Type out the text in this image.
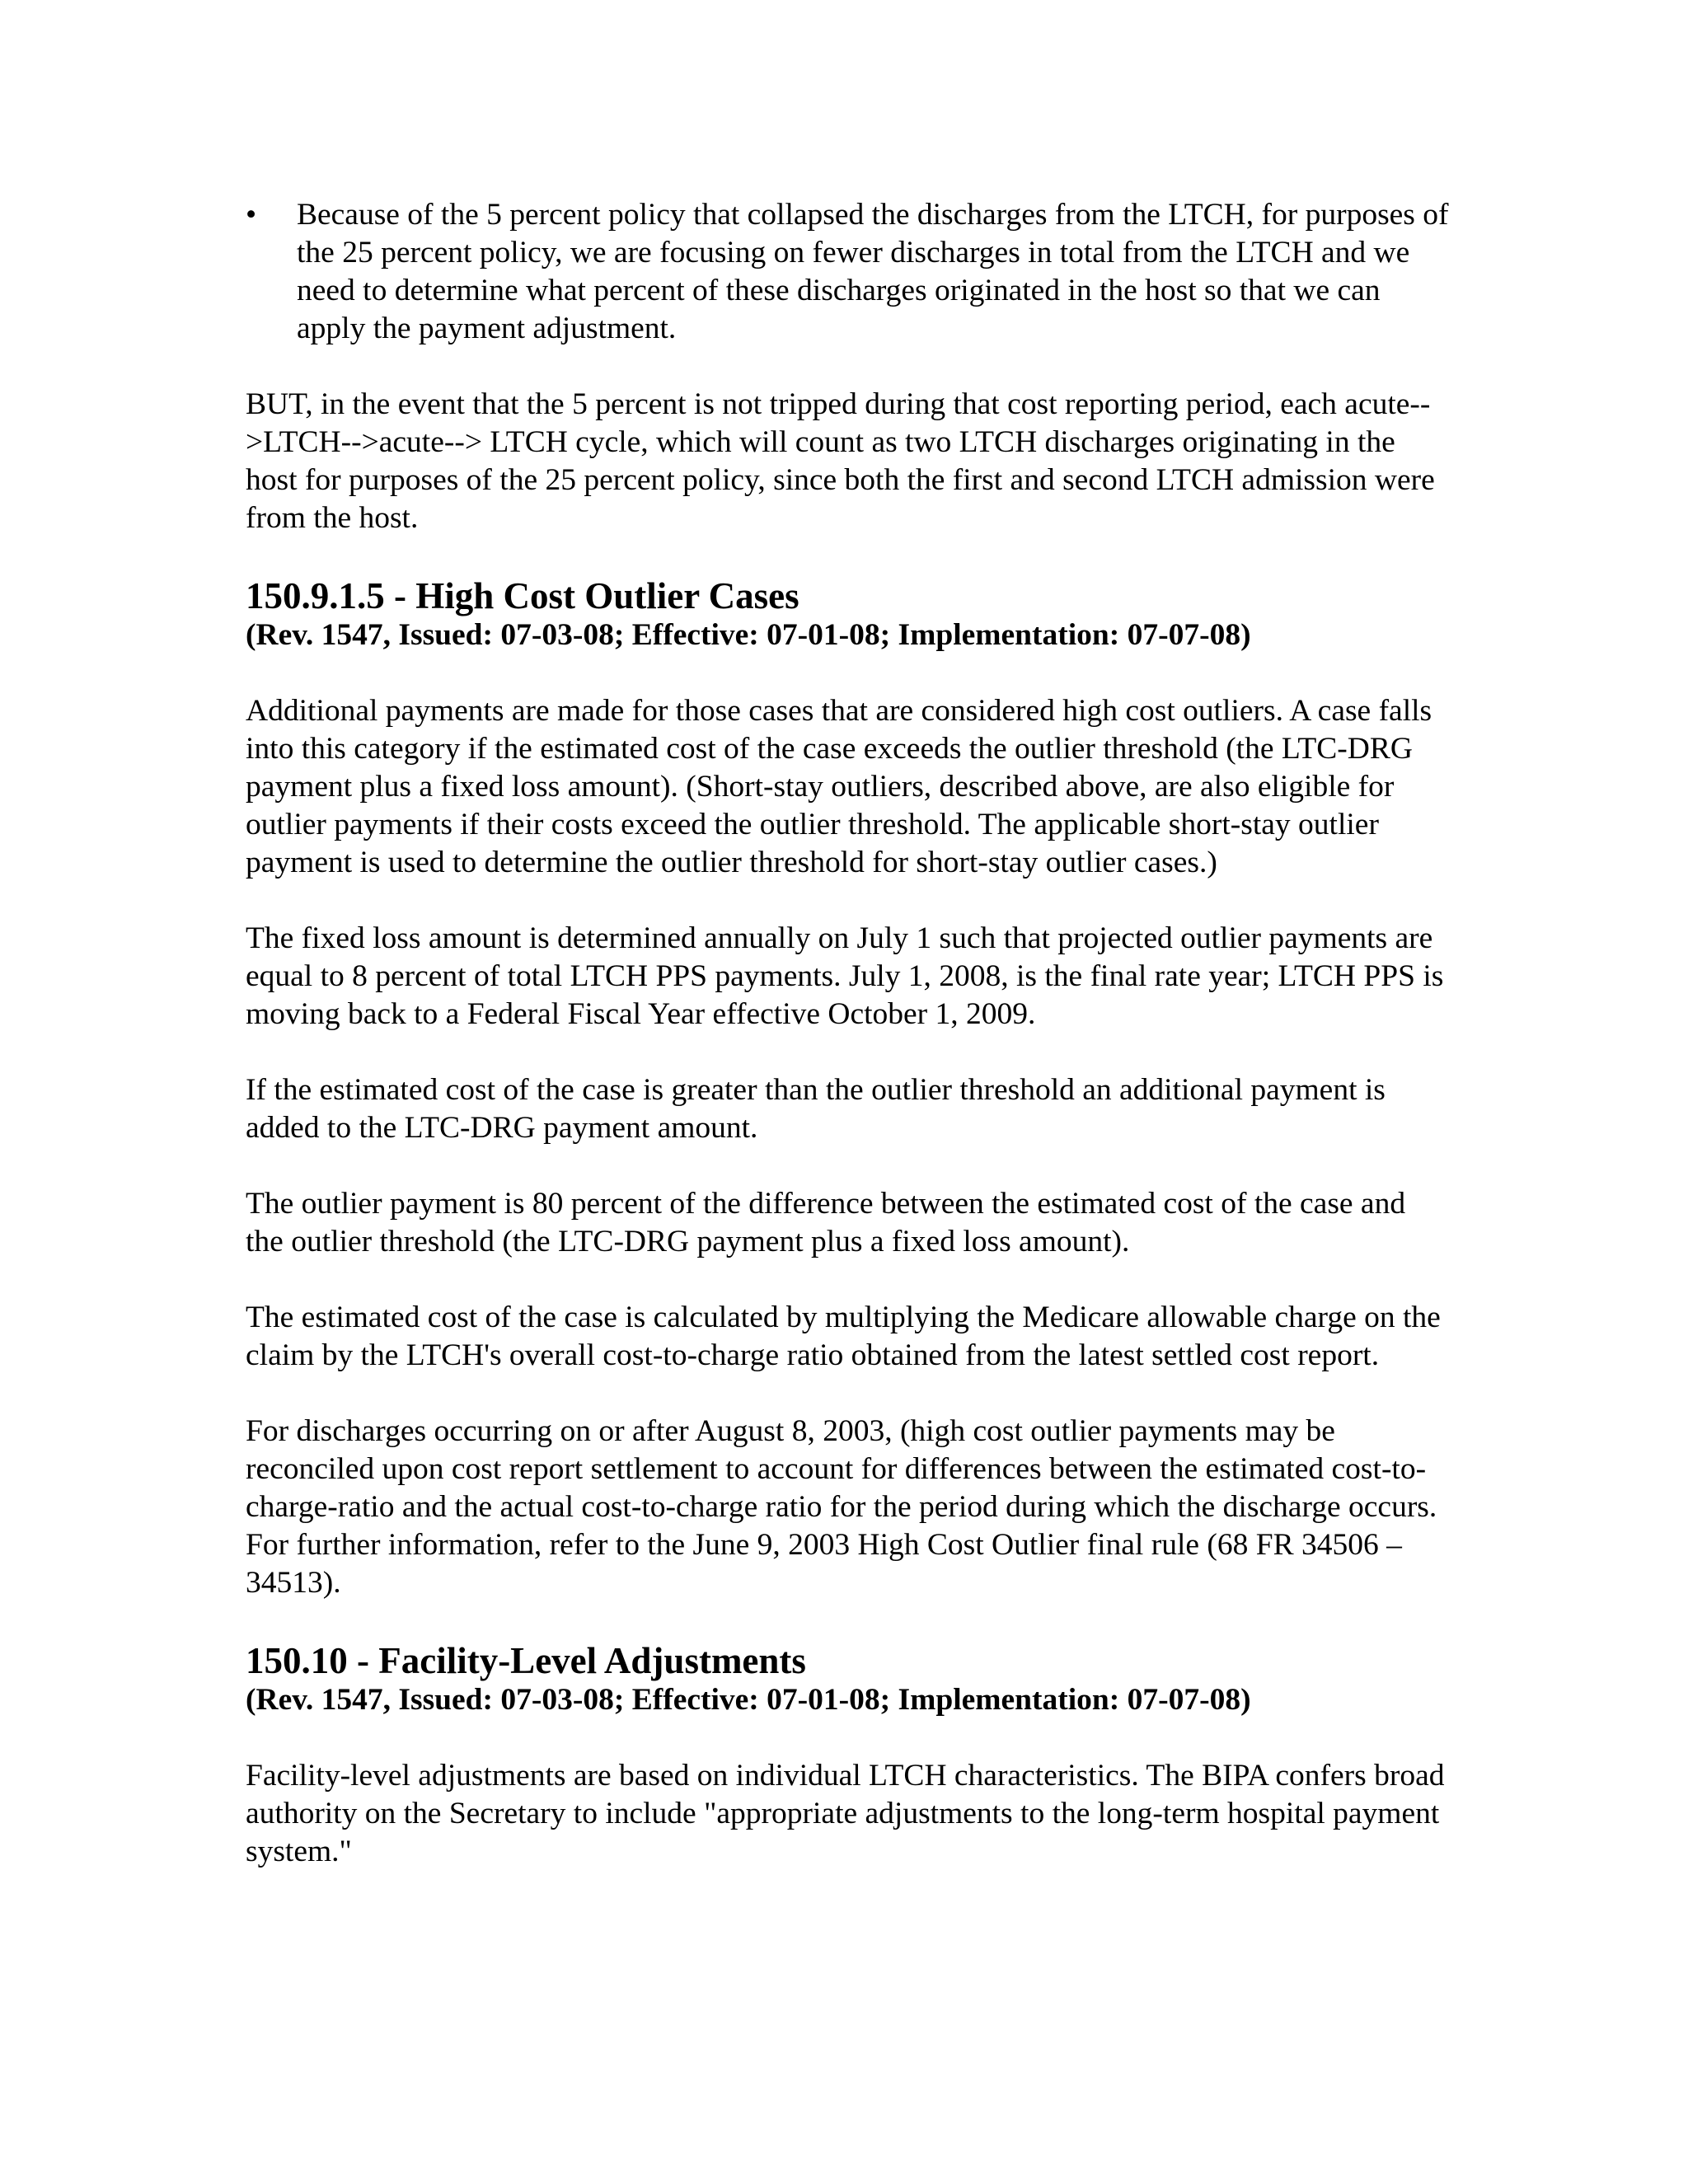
•	Because of the 5 percent policy that collapsed the discharges from the LTCH, for purposes of the 25 percent policy, we are focusing on fewer discharges in total from the LTCH and we need to determine what percent of these discharges originated in the host so that we can apply the payment adjustment.

BUT, in the event that the 5 percent is not tripped during that cost reporting period, each acute-->LTCH-->acute--> LTCH cycle, which will count as two LTCH discharges originating in the host for purposes of the 25 percent policy, since both the first and second LTCH admission were from the host.

150.9.1.5 - High Cost Outlier Cases
(Rev. 1547, Issued: 07-03-08; Effective: 07-01-08; Implementation: 07-07-08)

Additional payments are made for those cases that are considered high cost outliers. A case falls into this category if the estimated cost of the case exceeds the outlier threshold (the LTC-DRG payment plus a fixed loss amount). (Short-stay outliers, described above, are also eligible for outlier payments if their costs exceed the outlier threshold. The applicable short-stay outlier payment is used to determine the outlier threshold for short-stay outlier cases.)

The fixed loss amount is determined annually on July 1 such that projected outlier payments are equal to 8 percent of total LTCH PPS payments. July 1, 2008, is the final rate year; LTCH PPS is moving back to a Federal Fiscal Year effective October 1, 2009.

If the estimated cost of the case is greater than the outlier threshold an additional payment is added to the LTC-DRG payment amount.

The outlier payment is 80 percent of the difference between the estimated cost of the case and the outlier threshold (the LTC-DRG payment plus a fixed loss amount).

The estimated cost of the case is calculated by multiplying the Medicare allowable charge on the claim by the LTCH's overall cost-to-charge ratio obtained from the latest settled cost report.

For discharges occurring on or after August 8, 2003, (high cost outlier payments may be reconciled upon cost report settlement to account for differences between the estimated cost-to-charge-ratio and the actual cost-to-charge ratio for the period during which the discharge occurs. For further information, refer to the June 9, 2003 High Cost Outlier final rule (68 FR 34506 – 34513).

150.10 - Facility-Level Adjustments
(Rev. 1547, Issued: 07-03-08; Effective: 07-01-08; Implementation: 07-07-08)

Facility-level adjustments are based on individual LTCH characteristics. The BIPA confers broad authority on the Secretary to include "appropriate adjustments to the long-term hospital payment system."
